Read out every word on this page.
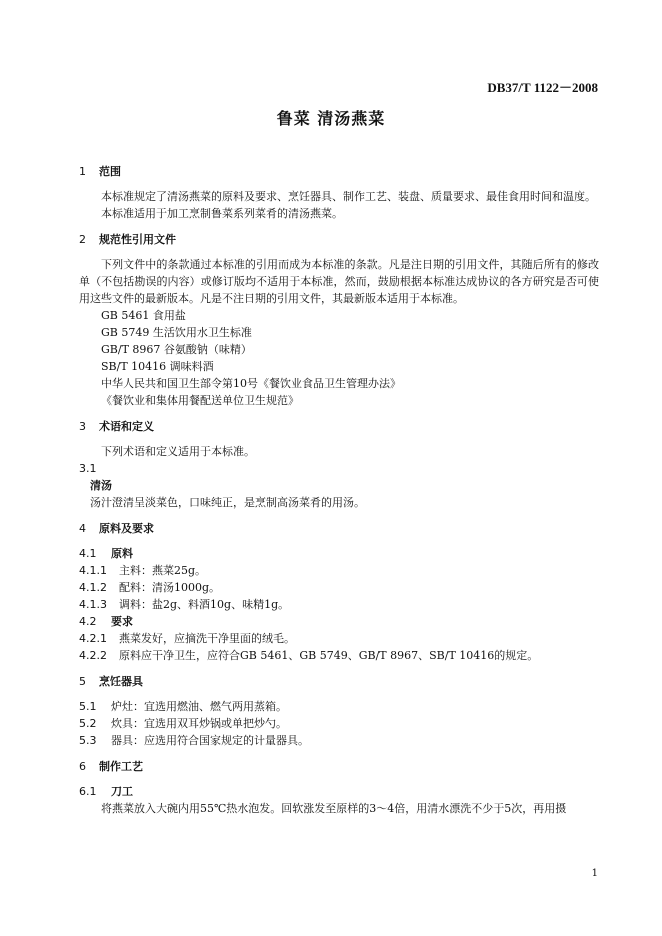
DB37/T 1122－2008
鲁菜 清汤燕菜
1 范围
本标准规定了清汤燕菜的原料及要求、烹饪器具、制作工艺、装盘、质量要求、最佳食用时间和温度。
本标准适用于加工烹制鲁菜系列菜肴的清汤燕菜。
2 规范性引用文件
下列文件中的条款通过本标准的引用而成为本标准的条款。凡是注日期的引用文件，其随后所有的修改单（不包括勘误的内容）或修订版均不适用于本标准，然而，鼓励根据本标准达成协议的各方研究是否可使用这些文件的最新版本。凡是不注日期的引用文件，其最新版本适用于本标准。
GB 5461 食用盐
GB 5749 生活饮用水卫生标准
GB/T 8967 谷氨酸钠（味精）
SB/T 10416 调味料酒
中华人民共和国卫生部令第10号《餐饮业食品卫生管理办法》
《餐饮业和集体用餐配送单位卫生规范》
3 术语和定义
下列术语和定义适用于本标准。
3.1
清汤
汤汁澄清呈淡菜色，口味纯正，是烹制高汤菜肴的用汤。
4 原料及要求
4.1 原料
4.1.1 主料：燕菜25g。
4.1.2 配料：清汤1000g。
4.1.3 调料：盐2g、料酒10g、味精1g。
4.2 要求
4.2.1 燕菜发好，应摘洗干净里面的绒毛。
4.2.2 原料应干净卫生，应符合GB 5461、GB 5749、GB/T 8967、SB/T 10416的规定。
5 烹饪器具
5.1 炉灶：宜选用燃油、燃气两用蒸箱。
5.2 炊具：宜选用双耳炒锅或单把炒勺。
5.3 器具：应选用符合国家规定的计量器具。
6 制作工艺
6.1 刀工
将燕菜放入大碗内用55℃热水泡发。回软涨发至原样的3～4倍，用清水漂洗不少于5次，再用摄
1
